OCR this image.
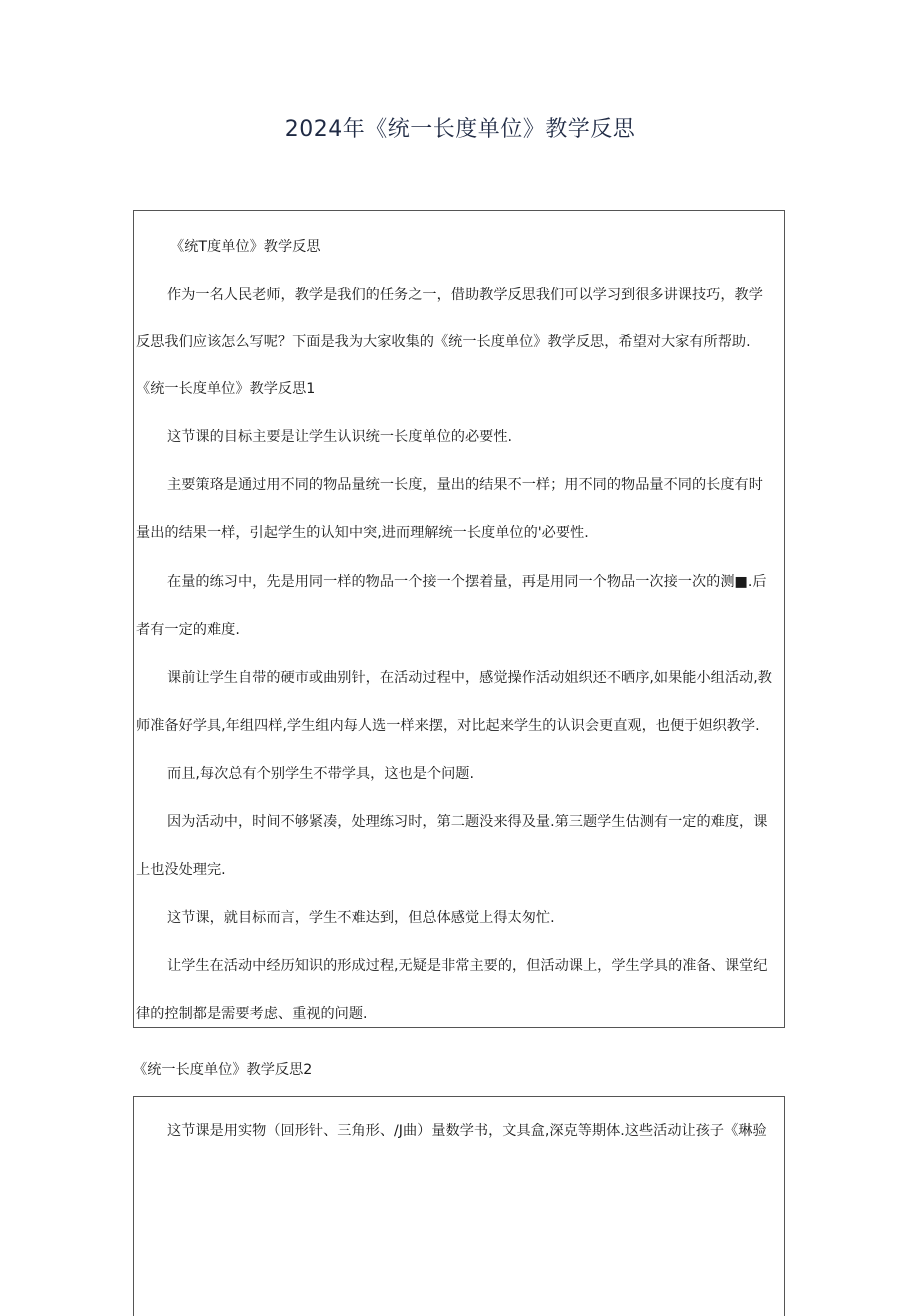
2024年《统一长度单位》教学反思
《统T度单位》教学反思
作为一名人民老师，教学是我们的任务之一，借助教学反思我们可以学习到很多讲课技巧，教学
反思我们应该怎么写呢？下面是我为大家收集的《统一长度单位》教学反思，希望对大家有所帮助.
《统一长度单位》教学反思1
这节课的目标主要是让学生认识统一长度单位的必要性.
主要策珞是通过用不同的物品量统一长度，量出的结果不一样；用不同的物品量不同的长度有时
量出的结果一样，引起学生的认知中突,进而理解统一长度单位的'必要性.
在量的练习中，先是用同一样的物品一个接一个摆着量，再是用同一个物品一次接一次的测■.后
者有一定的难度.
课前让学生自带的硬市或曲别针，在活动过程中，感觉操作活动姐织还不晒序,如果能小组活动,教
师准备好学具,年组四样,学生组内每人选一样来摆，对比起来学生的认识会更直观，也便于妲织教学.
而且,每次总有个别学生不带学具，这也是个问题.
因为活动中，时间不够紧凑，处理练习时，第二题没来得及量.第三题学生估测有一定的难度，课
上也没处理完.
这节课，就目标而言，学生不难达到，但总体感觉上得太匆忙.
让学生在活动中经历知识的形成过程,无疑是非常主要的，但活动课上，学生学具的准备、课堂纪
律的控制都是需要考虑、重视的问题.
《统一长度单位》教学反思2
这节课是用实物（回形针、三角形、/J曲）量数学书，文具盒,深克等期体.这些活动让孩子《琳验
